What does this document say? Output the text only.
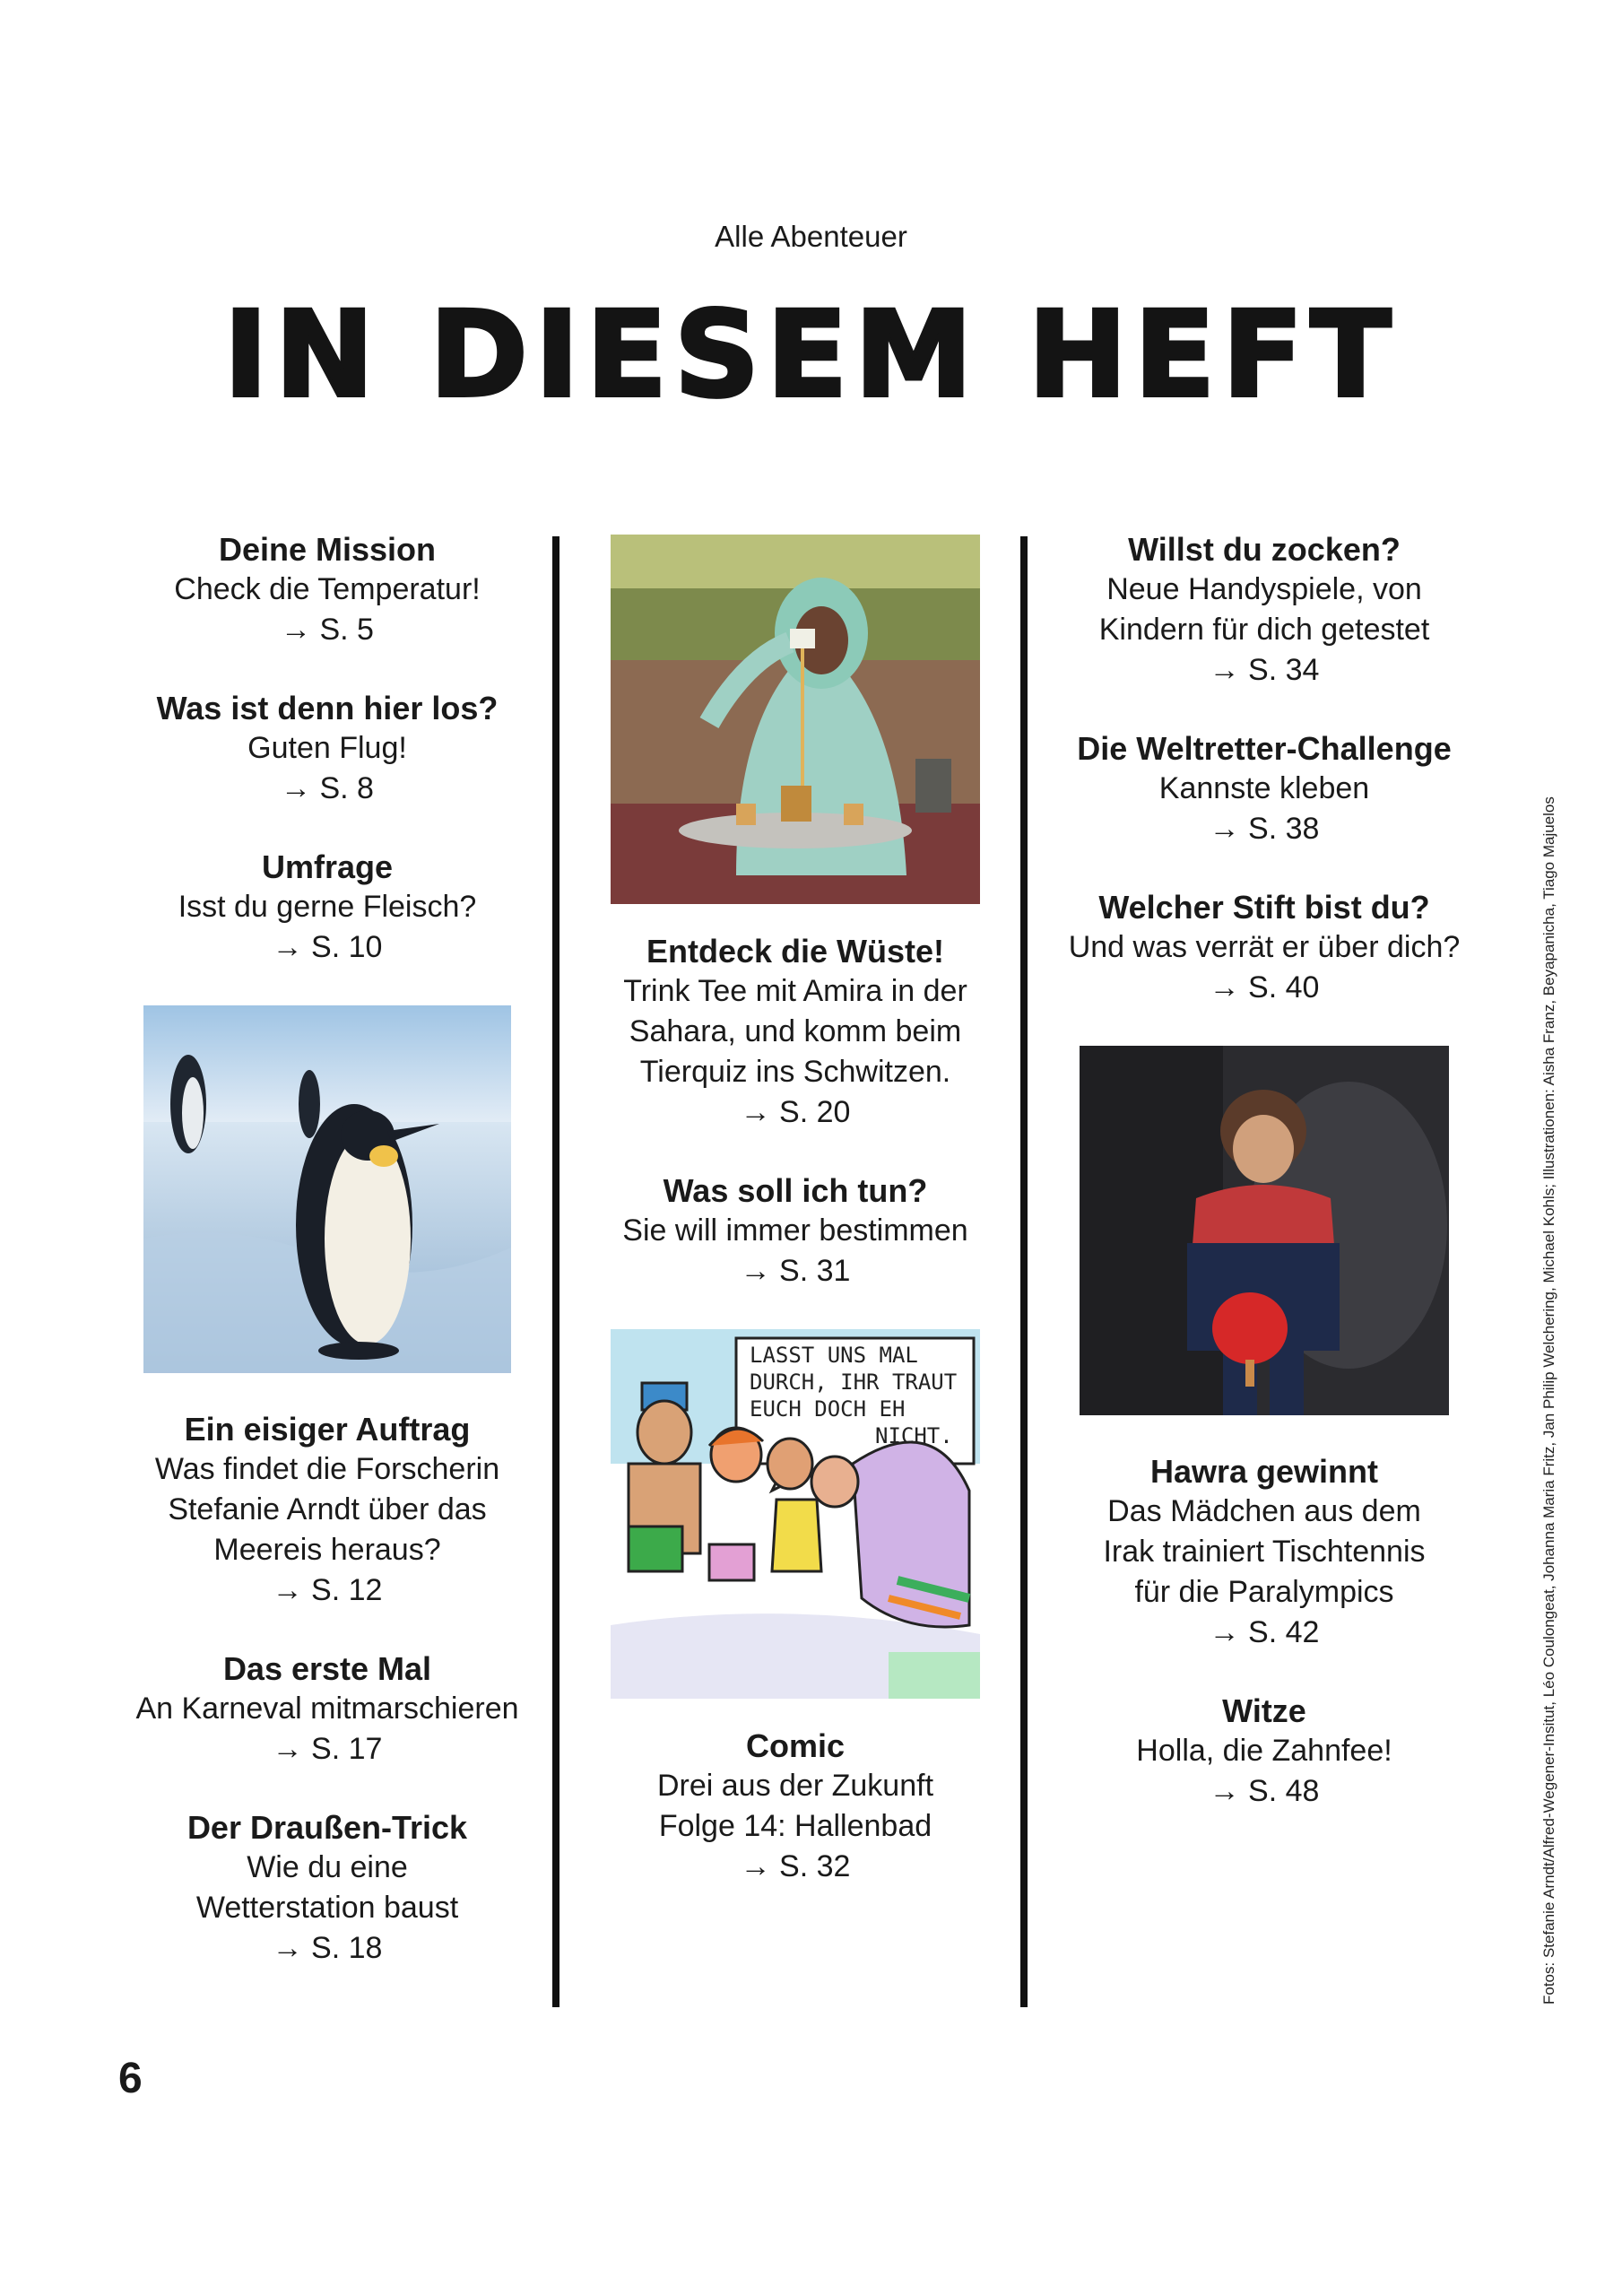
Alle Abenteuer
IN DIESEM HEFT
Deine Mission

Check die Temperatur!

→ S. 5
Was ist denn hier los?

Guten Flug!

→ S. 8
Umfrage

Isst du gerne Fleisch?

→ S. 10
Ein eisiger Auftrag

Was findet die Forscherin

Stefanie Arndt über das

Meereis heraus?

→ S. 12
Das erste Mal

An Karneval mitmarschieren

→ S. 17
Der Draußen-Trick

Wie du eine

Wetterstation baust

→ S. 18
Entdeck die Wüste!

Trink Tee mit Amira in der

Sahara, und komm beim

Tierquiz ins Schwitzen.

→ S. 20
Was soll ich tun?

Sie will immer bestimmen

→ S. 31
LASST UNS MAL
DURCH, IHR TRAUT
EUCH DOCH EH
NICHT.
Comic

Drei aus der Zukunft

Folge 14: Hallenbad

→ S. 32
Willst du zocken?

Neue Handyspiele, von

Kindern für dich getestet

→ S. 34
Die Weltretter-Challenge

Kannste kleben

→ S. 38
Welcher Stift bist du?

Und was verrät er über dich?

→ S. 40
Hawra gewinnt

Das Mädchen aus dem

Irak trainiert Tischtennis

für die Paralympics

→ S. 42
Witze

Holla, die Zahnfee!

→ S. 48	Fotos: Stefanie Arndt/Alfred-Wegener-Insitut, Léo Coulongeat, Johanna Maria Fritz, Jan Philip Welchering, Michael Kohls; Illustrationen: Aisha Franz, Beyapanicha, Tiago Majuelos
6
